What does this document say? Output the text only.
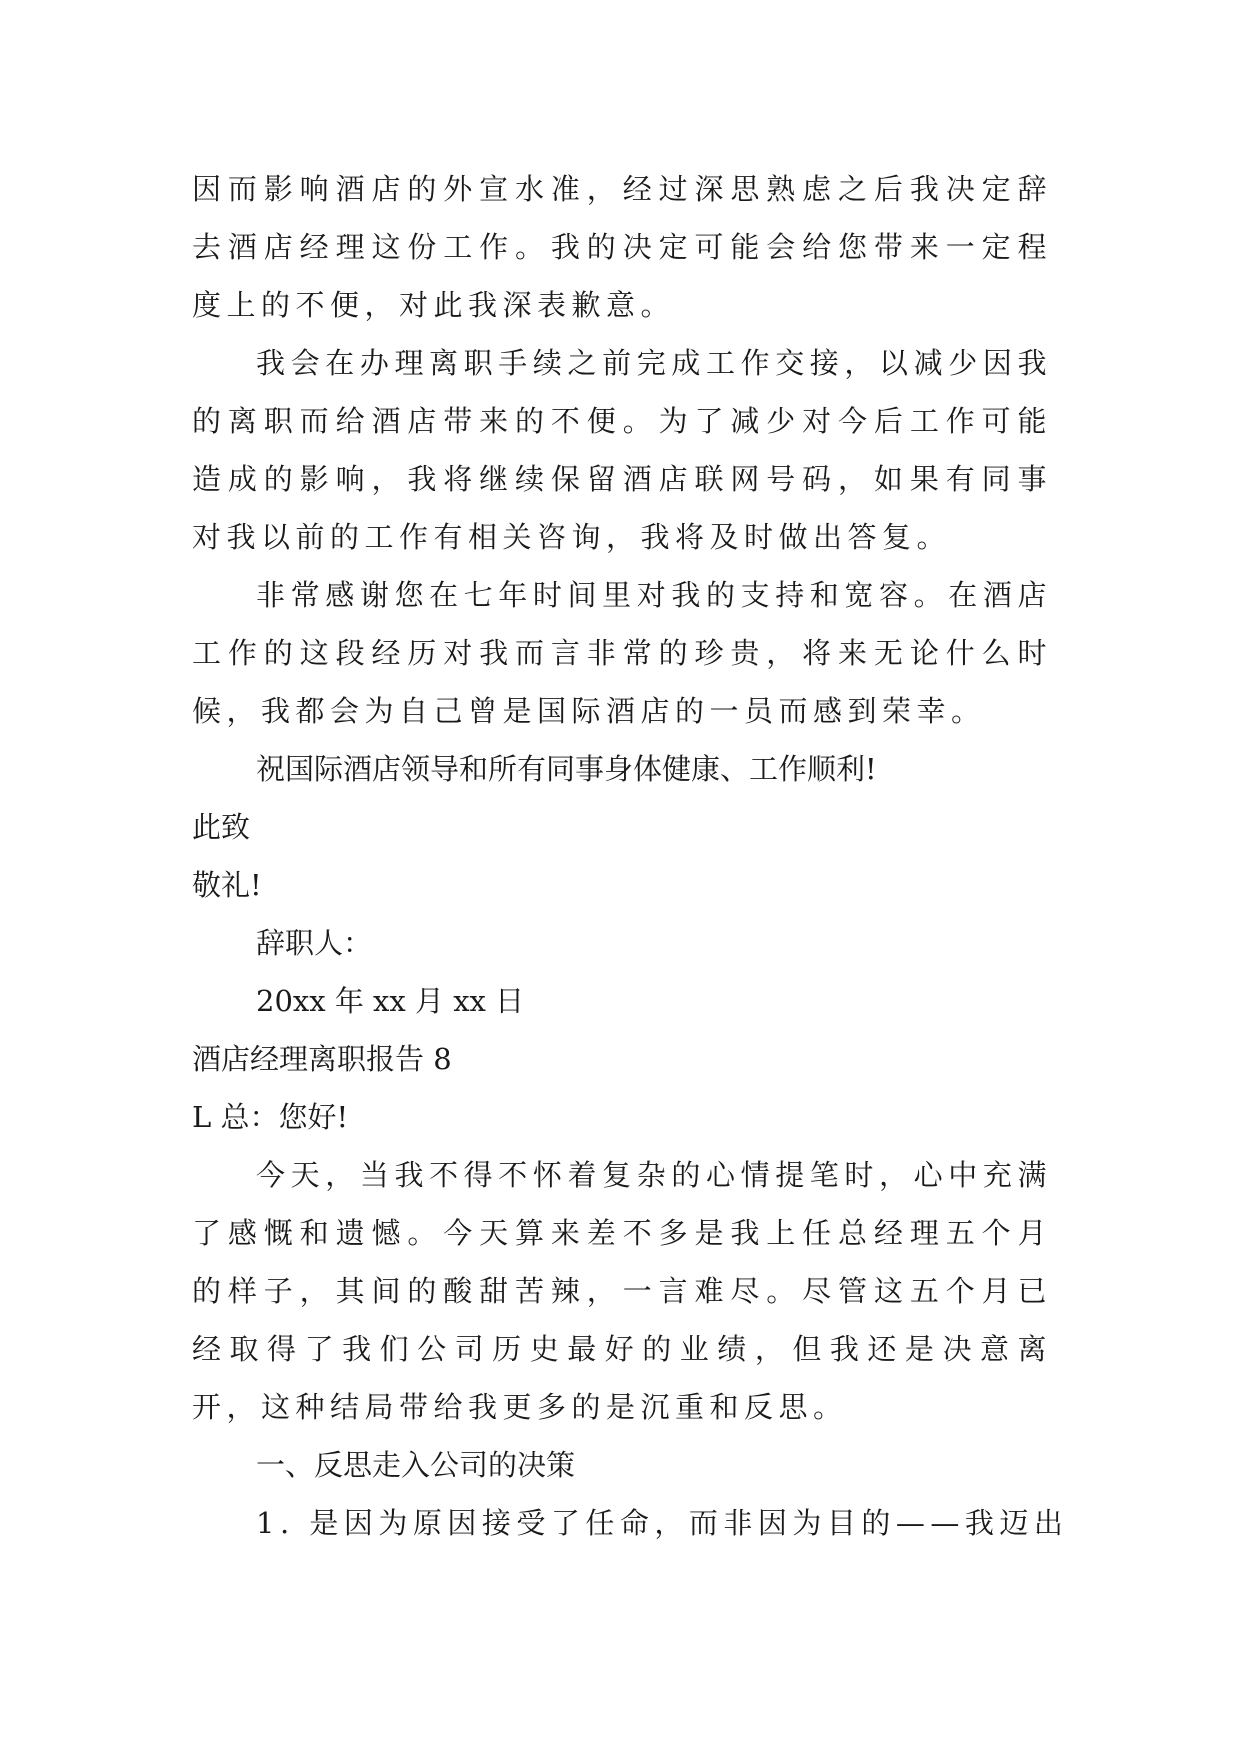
因而影响酒店的外宣水准，经过深思熟虑之后我决定辞去酒店经理这份工作。我的决定可能会给您带来一定程度上的不便，对此我深表歉意。

我会在办理离职手续之前完成工作交接，以减少因我的离职而给酒店带来的不便。为了减少对今后工作可能造成的影响，我将继续保留酒店联网号码，如果有同事对我以前的工作有相关咨询，我将及时做出答复。

非常感谢您在七年时间里对我的支持和宽容。在酒店工作的这段经历对我而言非常的珍贵，将来无论什么时候，我都会为自己曾是国际酒店的一员而感到荣幸。

祝国际酒店领导和所有同事身体健康、工作顺利!

此致

敬礼!

辞职人：

20xx 年 xx 月 xx 日

酒店经理离职报告 8

L 总：您好!

今天，当我不得不怀着复杂的心情提笔时，心中充满了感慨和遗憾。今天算来差不多是我上任总经理五个月的样子，其间的酸甜苦辣，一言难尽。尽管这五个月已经取得了我们公司历史最好的业绩，但我还是决意离开，这种结局带给我更多的是沉重和反思。

一、反思走入公司的决策

1. 是因为原因接受了任命，而非因为目的——我迈出
